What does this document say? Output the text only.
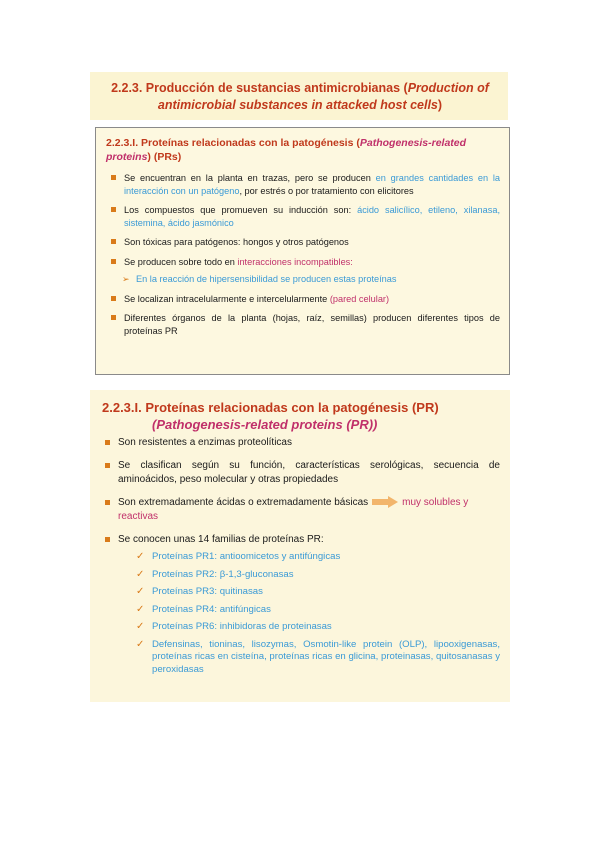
2.2.3. Producción de sustancias antimicrobianas (Production of antimicrobial substances in attacked host cells)
2.2.3.I. Proteínas relacionadas con la patogénesis (Pathogenesis-related proteins) (PRs)
Se encuentran en la planta en trazas, pero se producen en grandes cantidades en la interacción con un patógeno, por estrés o por tratamiento con elicitores
Los compuestos que promueven su inducción son: ácido salicílico, etileno, xilanasa, sistemina, ácido jasmónico
Son tóxicas para patógenos: hongos y otros patógenos
Se producen sobre todo en interacciones incompatibles:
➢ En la reacción de hipersensibilidad se producen estas proteínas
Se localizan intracelularmente e intercelularmente (pared celular)
Diferentes órganos de la planta (hojas, raíz, semillas) producen diferentes tipos de proteínas PR
2.2.3.I. Proteínas relacionadas con la patogénesis (PR)
(Pathogenesis-related proteins (PR))
Son resistentes a enzimas proteolíticas
Se clasifican según su función, características serológicas, secuencia de aminoácidos, peso molecular y otras propiedades
Son extremadamente ácidas o extremadamente básicas	muy solubles y reactivas
Se conocen unas 14 familias de proteínas PR:
✓ Proteínas PR1: antioomicetos y antifúngicas
✓ Proteínas PR2: β-1,3-gluconasas
✓ Proteínas PR3: quitinasas
✓ Proteínas PR4: antifúngicas
✓ Proteínas PR6: inhibidoras de proteinasas
✓ Defensinas, tioninas, lisozymas, Osmotin-like protein (OLP), lipooxigenasas, proteínas ricas en cisteína, proteínas ricas en glicina, proteinasas, quitosanasas y peroxidasas
